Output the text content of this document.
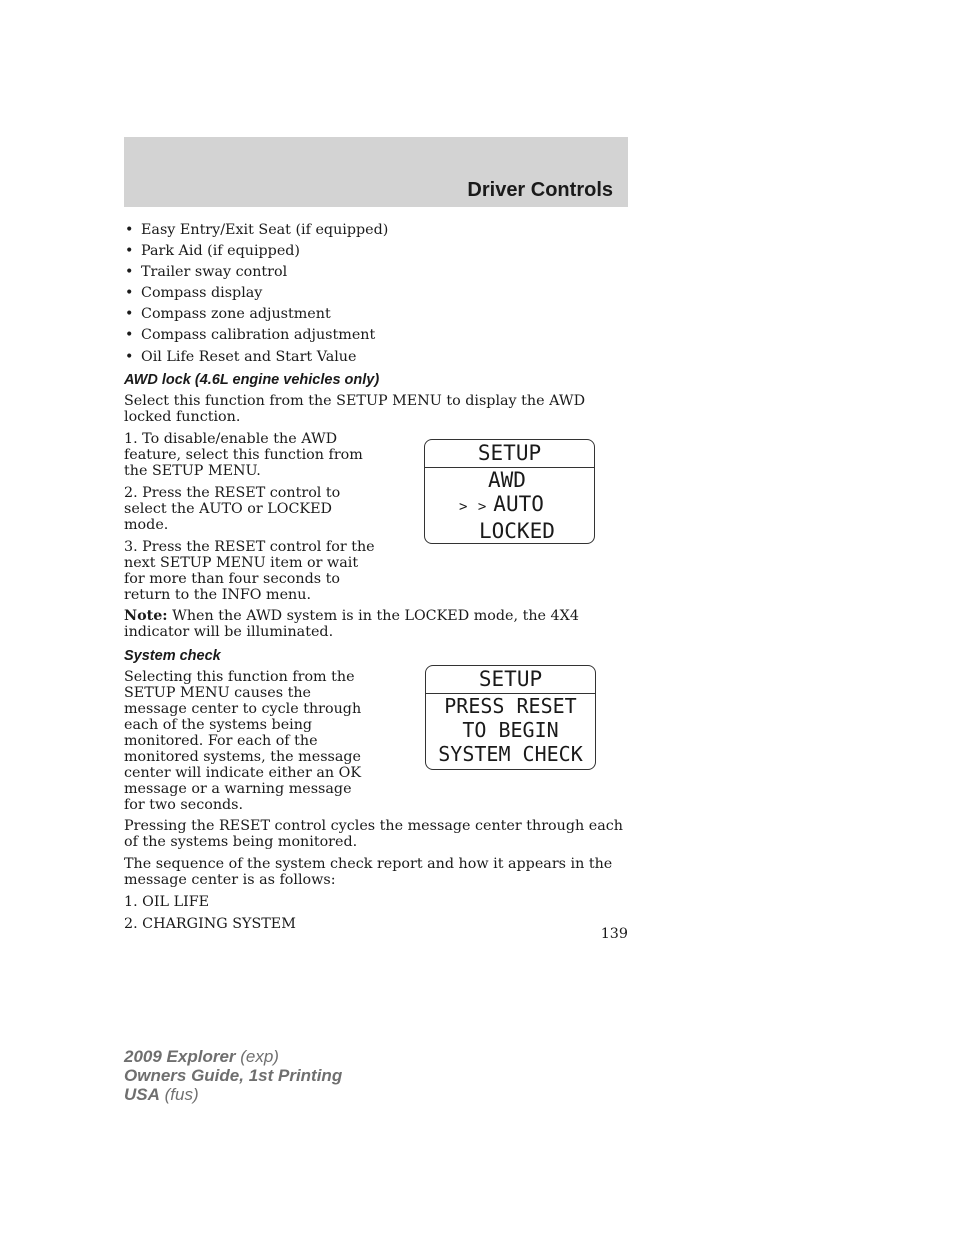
Driver Controls
• Easy Entry/Exit Seat (if equipped)
• Park Aid (if equipped)
• Trailer sway control
• Compass display
• Compass zone adjustment
• Compass calibration adjustment
• Oil Life Reset and Start Value
AWD lock (4.6L engine vehicles only)

Select this function from the SETUP MENU to display the AWD locked function.

1. To disable/enable the AWD feature, select this function from the SETUP MENU.

2. Press the RESET control to select the AUTO or LOCKED mode.

3. Press the RESET control for the next SETUP MENU item or wait for more than four seconds to return to the INFO menu.

Note: When the AWD system is in the LOCKED mode, the 4X4 indicator will be illuminated.

System check

Selecting this function from the SETUP MENU causes the message center to cycle through each of the systems being monitored. For each of the monitored systems, the message center will indicate either an OK message or a warning message for two seconds.

Pressing the RESET control cycles the message center through each of the systems being monitored.

The sequence of the system check report and how it appears in the message center is as follows:

1. OIL LIFE

2. CHARGING SYSTEM

SETUP
AWD
> > AUTO
LOCKED
SETUP
PRESS RESET
TO BEGIN
SYSTEM CHECK
139
2009 Explorer (exp)
Owners Guide, 1st Printing
USA (fus)
